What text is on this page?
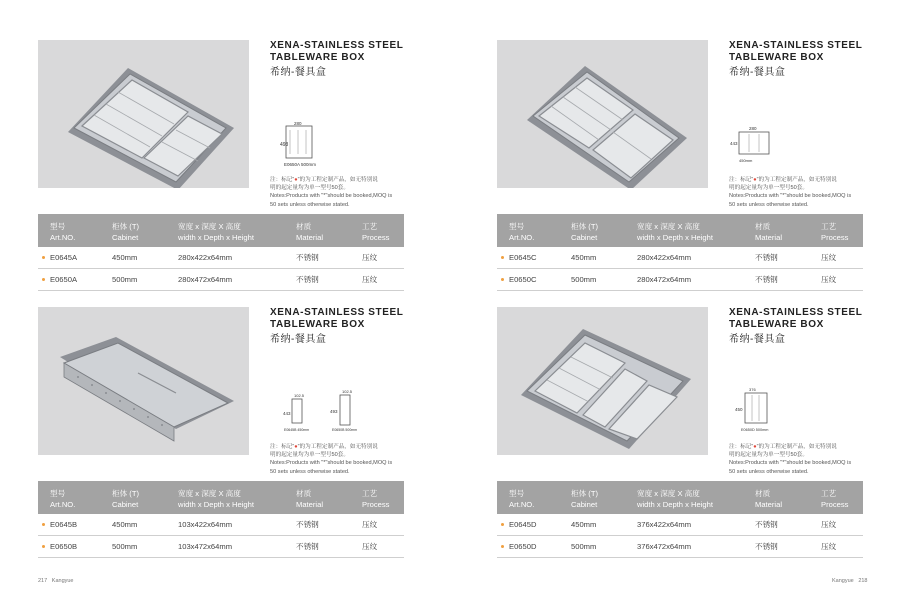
XENA-STAINLESS STEEL
TABLEWARE BOX
希纳-餐具盒
493
280
E0650A 500mm
注：标记“●”的为工程定制产品，如无特别说
明的起定量均为单一型号50套。
Notes:Products with "*"should be booked,MOQ is
50 sets unless otherwise stated.
型号
Art.NO.
柜体 (T)
Cabinet
宽度 x 深度 X 高度
width x Depth x Height
材质
Material
工艺
Process
E0645A	450mm	280x422x64mm	不锈钢	压纹
E0650A	500mm	280x472x64mm	不锈钢	压纹
XENA-STAINLESS STEEL
TABLEWARE BOX
希纳-餐具盒
443
280
450mm
注：标记“●”的为工程定制产品，如无特别说
明的起定量均为单一型号50套。
Notes:Products with "*"should be booked,MOQ is
50 sets unless otherwise stated.
型号
Art.NO.
柜体 (T)
Cabinet
宽度 x 深度 X 高度
width x Depth x Height
材质
Material
工艺
Process
E0645C	450mm	280x422x64mm	不锈钢	压纹
E0650C	500mm	280x472x64mm	不锈钢	压纹
XENA-STAINLESS STEEL
TABLEWARE BOX
希纳-餐具盒
443
102.5
E0645B 450mm
493
102.5
E0650B 500mm
注：标记“●”的为工程定制产品，如无特别说
明的起定量均为单一型号50套。
Notes:Products with "*"should be booked,MOQ is
50 sets unless otherwise stated.
型号
Art.NO.
柜体 (T)
Cabinet
宽度 x 深度 X 高度
width x Depth x Height
材质
Material
工艺
Process
E0645B	450mm	103x422x64mm	不锈钢	压纹
E0650B	500mm	103x472x64mm	不锈钢	压纹
XENA-STAINLESS STEEL
TABLEWARE BOX
希纳-餐具盒
450
376
E0650D 500mm
注：标记“●”的为工程定制产品，如无特别说
明的起定量均为单一型号50套。
Notes:Products with "*"should be booked,MOQ is
50 sets unless otherwise stated.
型号
Art.NO.
柜体 (T)
Cabinet
宽度 x 深度 X 高度
width x Depth x Height
材质
Material
工艺
Process
E0645D	450mm	376x422x64mm	不锈钢	压纹
E0650D	500mm	376x472x64mm	不锈钢	压纹
217 Kangyue	Kangyue 218
